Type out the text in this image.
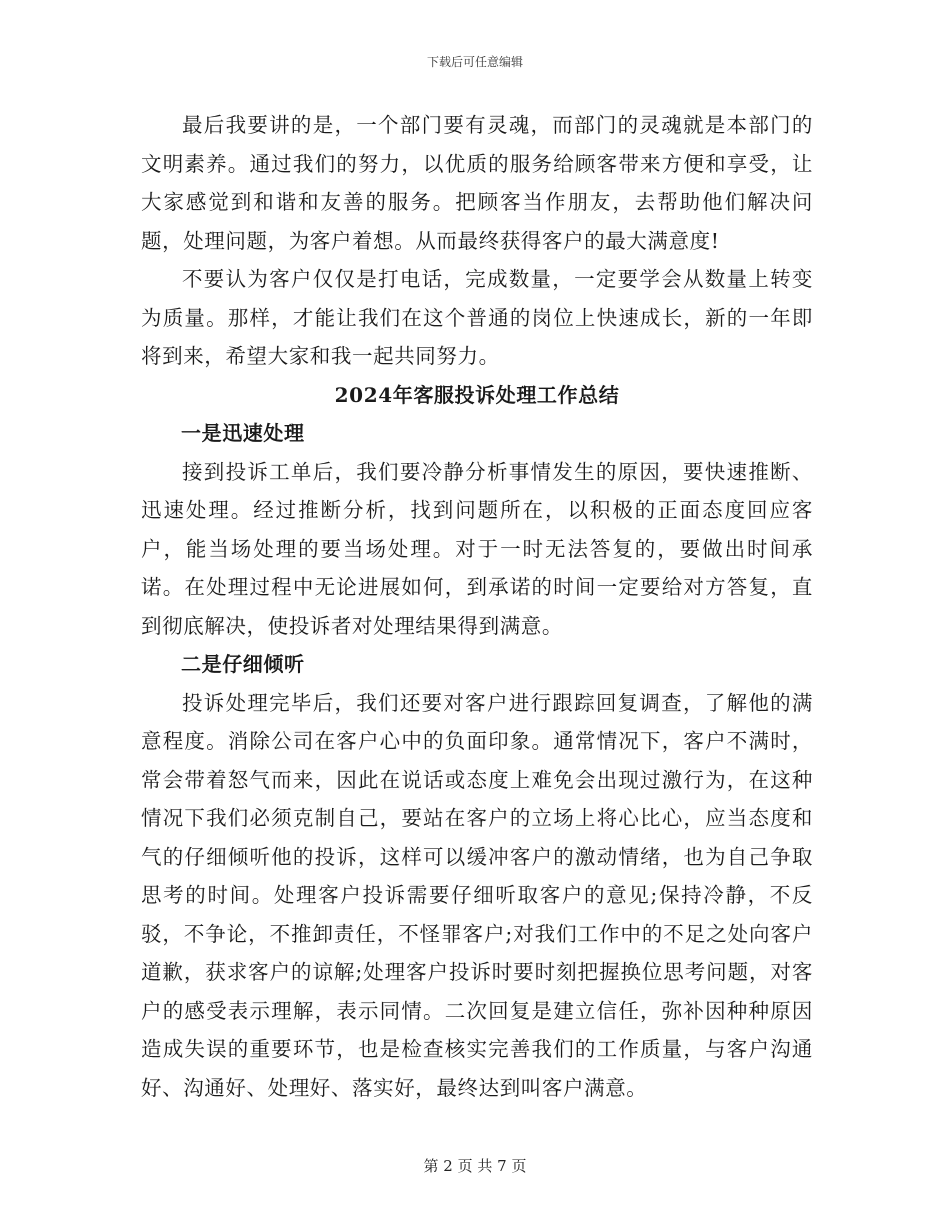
下载后可任意编辑

最后我要讲的是，一个部门要有灵魂，而部门的灵魂就是本部门的文明素养。通过我们的努力，以优质的服务给顾客带来方便和享受，让大家感觉到和谐和友善的服务。把顾客当作朋友，去帮助他们解决问题，处理问题，为客户着想。从而最终获得客户的最大满意度!

不要认为客户仅仅是打电话，完成数量，一定要学会从数量上转变为质量。那样，才能让我们在这个普通的岗位上快速成长，新的一年即将到来，希望大家和我一起共同努力。

2024年客服投诉处理工作总结
一是迅速处理

接到投诉工单后，我们要冷静分析事情发生的原因，要快速推断、迅速处理。经过推断分析，找到问题所在，以积极的正面态度回应客户，能当场处理的要当场处理。对于一时无法答复的，要做出时间承诺。在处理过程中无论进展如何，到承诺的时间一定要给对方答复，直到彻底解决，使投诉者对处理结果得到满意。

二是仔细倾听

投诉处理完毕后，我们还要对客户进行跟踪回复调查，了解他的满意程度。消除公司在客户心中的负面印象。通常情况下，客户不满时，常会带着怒气而来，因此在说话或态度上难免会出现过激行为，在这种情况下我们必须克制自己，要站在客户的立场上将心比心，应当态度和气的仔细倾听他的投诉，这样可以缓冲客户的激动情绪，也为自己争取思考的时间。处理客户投诉需要仔细听取客户的意见;保持冷静，不反驳，不争论，不推卸责任，不怪罪客户;对我们工作中的不足之处向客户道歉，获求客户的谅解;处理客户投诉时要时刻把握换位思考问题，对客户的感受表示理解，表示同情。二次回复是建立信任，弥补因种种原因造成失误的重要环节，也是检查核实完善我们的工作质量，与客户沟通好、沟通好、处理好、落实好，最终达到叫客户满意。

第 2 页 共 7 页
